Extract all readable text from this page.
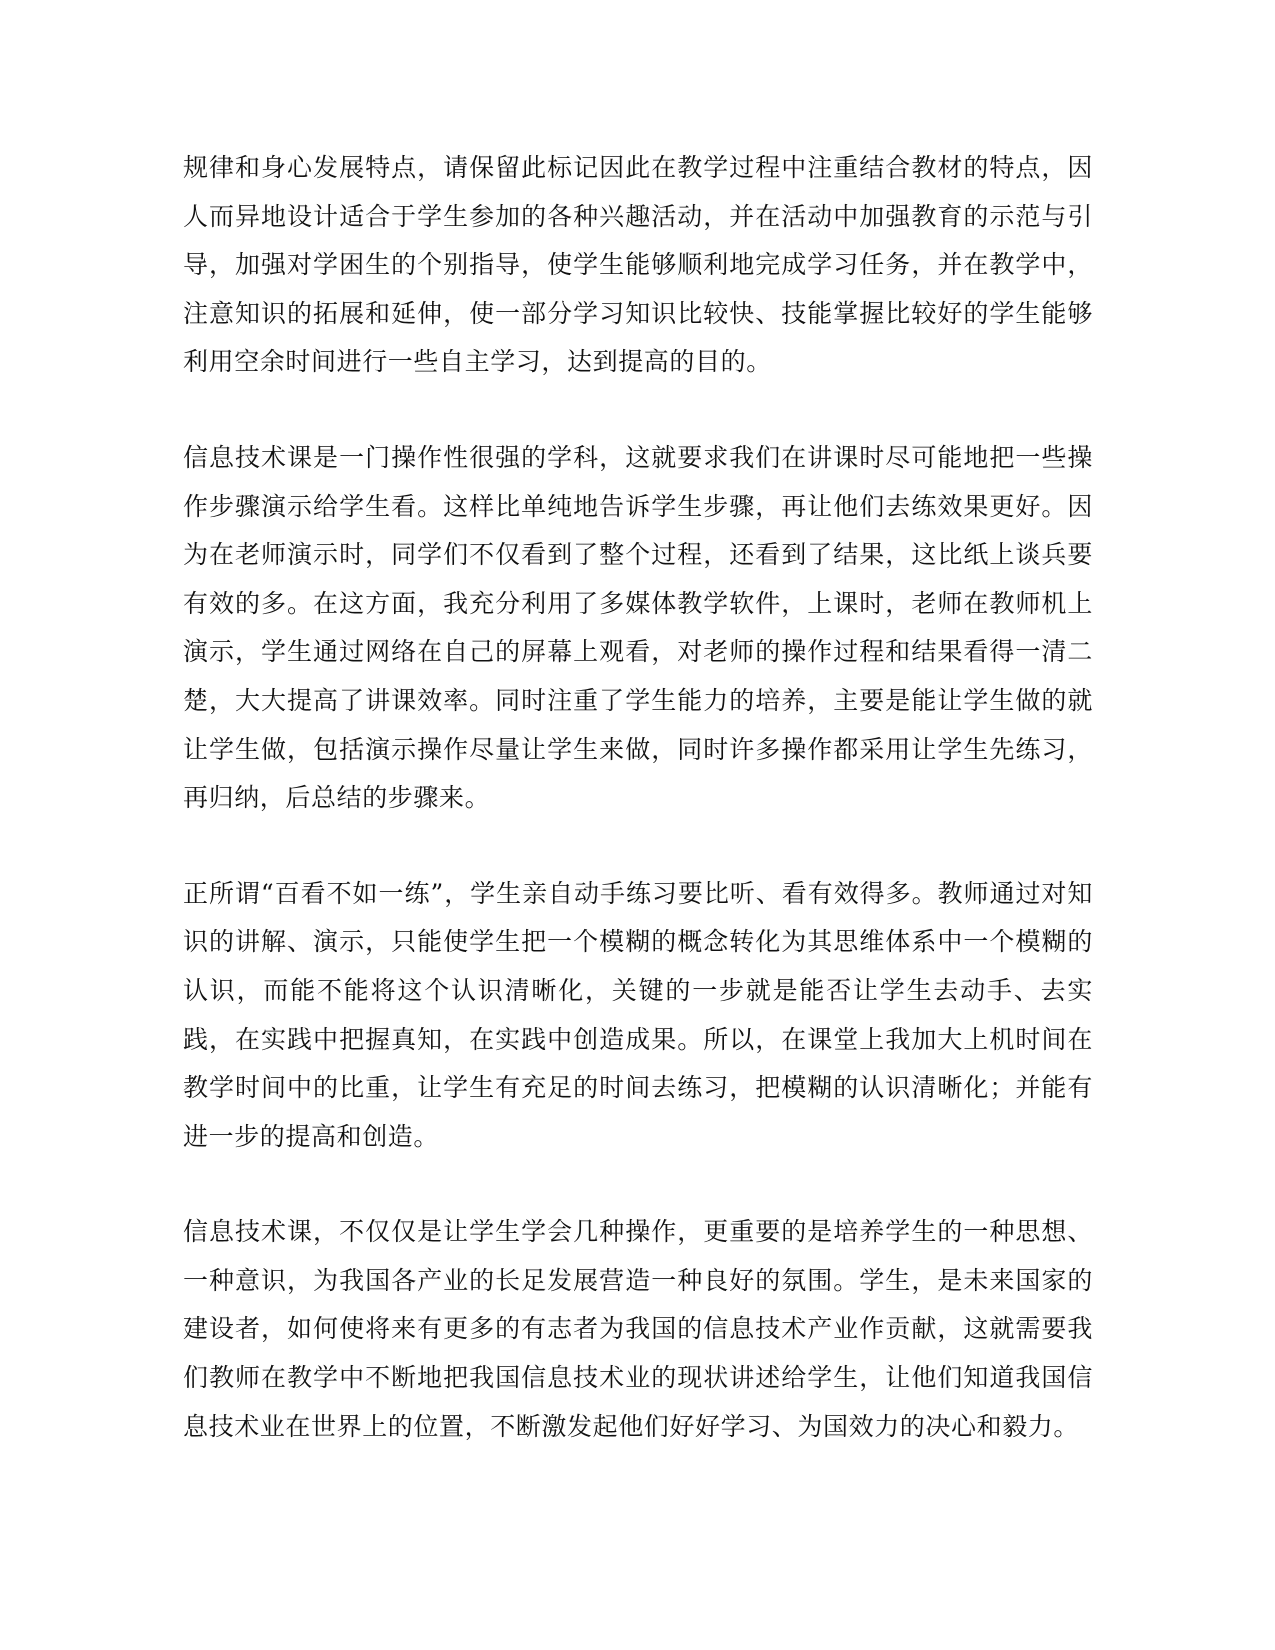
规律和身心发展特点，请保留此标记因此在教学过程中注重结合教材的特点，因人而异地设计适合于学生参加的各种兴趣活动，并在活动中加强教育的示范与引导，加强对学困生的个别指导，使学生能够顺利地完成学习任务，并在教学中，注意知识的拓展和延伸，使一部分学习知识比较快、技能掌握比较好的学生能够利用空余时间进行一些自主学习，达到提高的目的。

信息技术课是一门操作性很强的学科，这就要求我们在讲课时尽可能地把一些操作步骤演示给学生看。这样比单纯地告诉学生步骤，再让他们去练效果更好。因为在老师演示时，同学们不仅看到了整个过程，还看到了结果，这比纸上谈兵要有效的多。在这方面，我充分利用了多媒体教学软件，上课时，老师在教师机上演示，学生通过网络在自己的屏幕上观看，对老师的操作过程和结果看得一清二楚，大大提高了讲课效率。同时注重了学生能力的培养，主要是能让学生做的就让学生做，包括演示操作尽量让学生来做，同时许多操作都采用让学生先练习，再归纳，后总结的步骤来。

正所谓“百看不如一练”，学生亲自动手练习要比听、看有效得多。教师通过对知识的讲解、演示，只能使学生把一个模糊的概念转化为其思维体系中一个模糊的认识，而能不能将这个认识清晰化，关键的一步就是能否让学生去动手、去实践，在实践中把握真知，在实践中创造成果。所以，在课堂上我加大上机时间在教学时间中的比重，让学生有充足的时间去练习，把模糊的认识清晰化；并能有进一步的提高和创造。

信息技术课，不仅仅是让学生学会几种操作，更重要的是培养学生的一种思想、一种意识，为我国各产业的长足发展营造一种良好的氛围。学生，是未来国家的建设者，如何使将来有更多的有志者为我国的信息技术产业作贡献，这就需要我们教师在教学中不断地把我国信息技术业的现状讲述给学生，让他们知道我国信息技术业在世界上的位置，不断激发起他们好好学习、为国效力的决心和毅力。
